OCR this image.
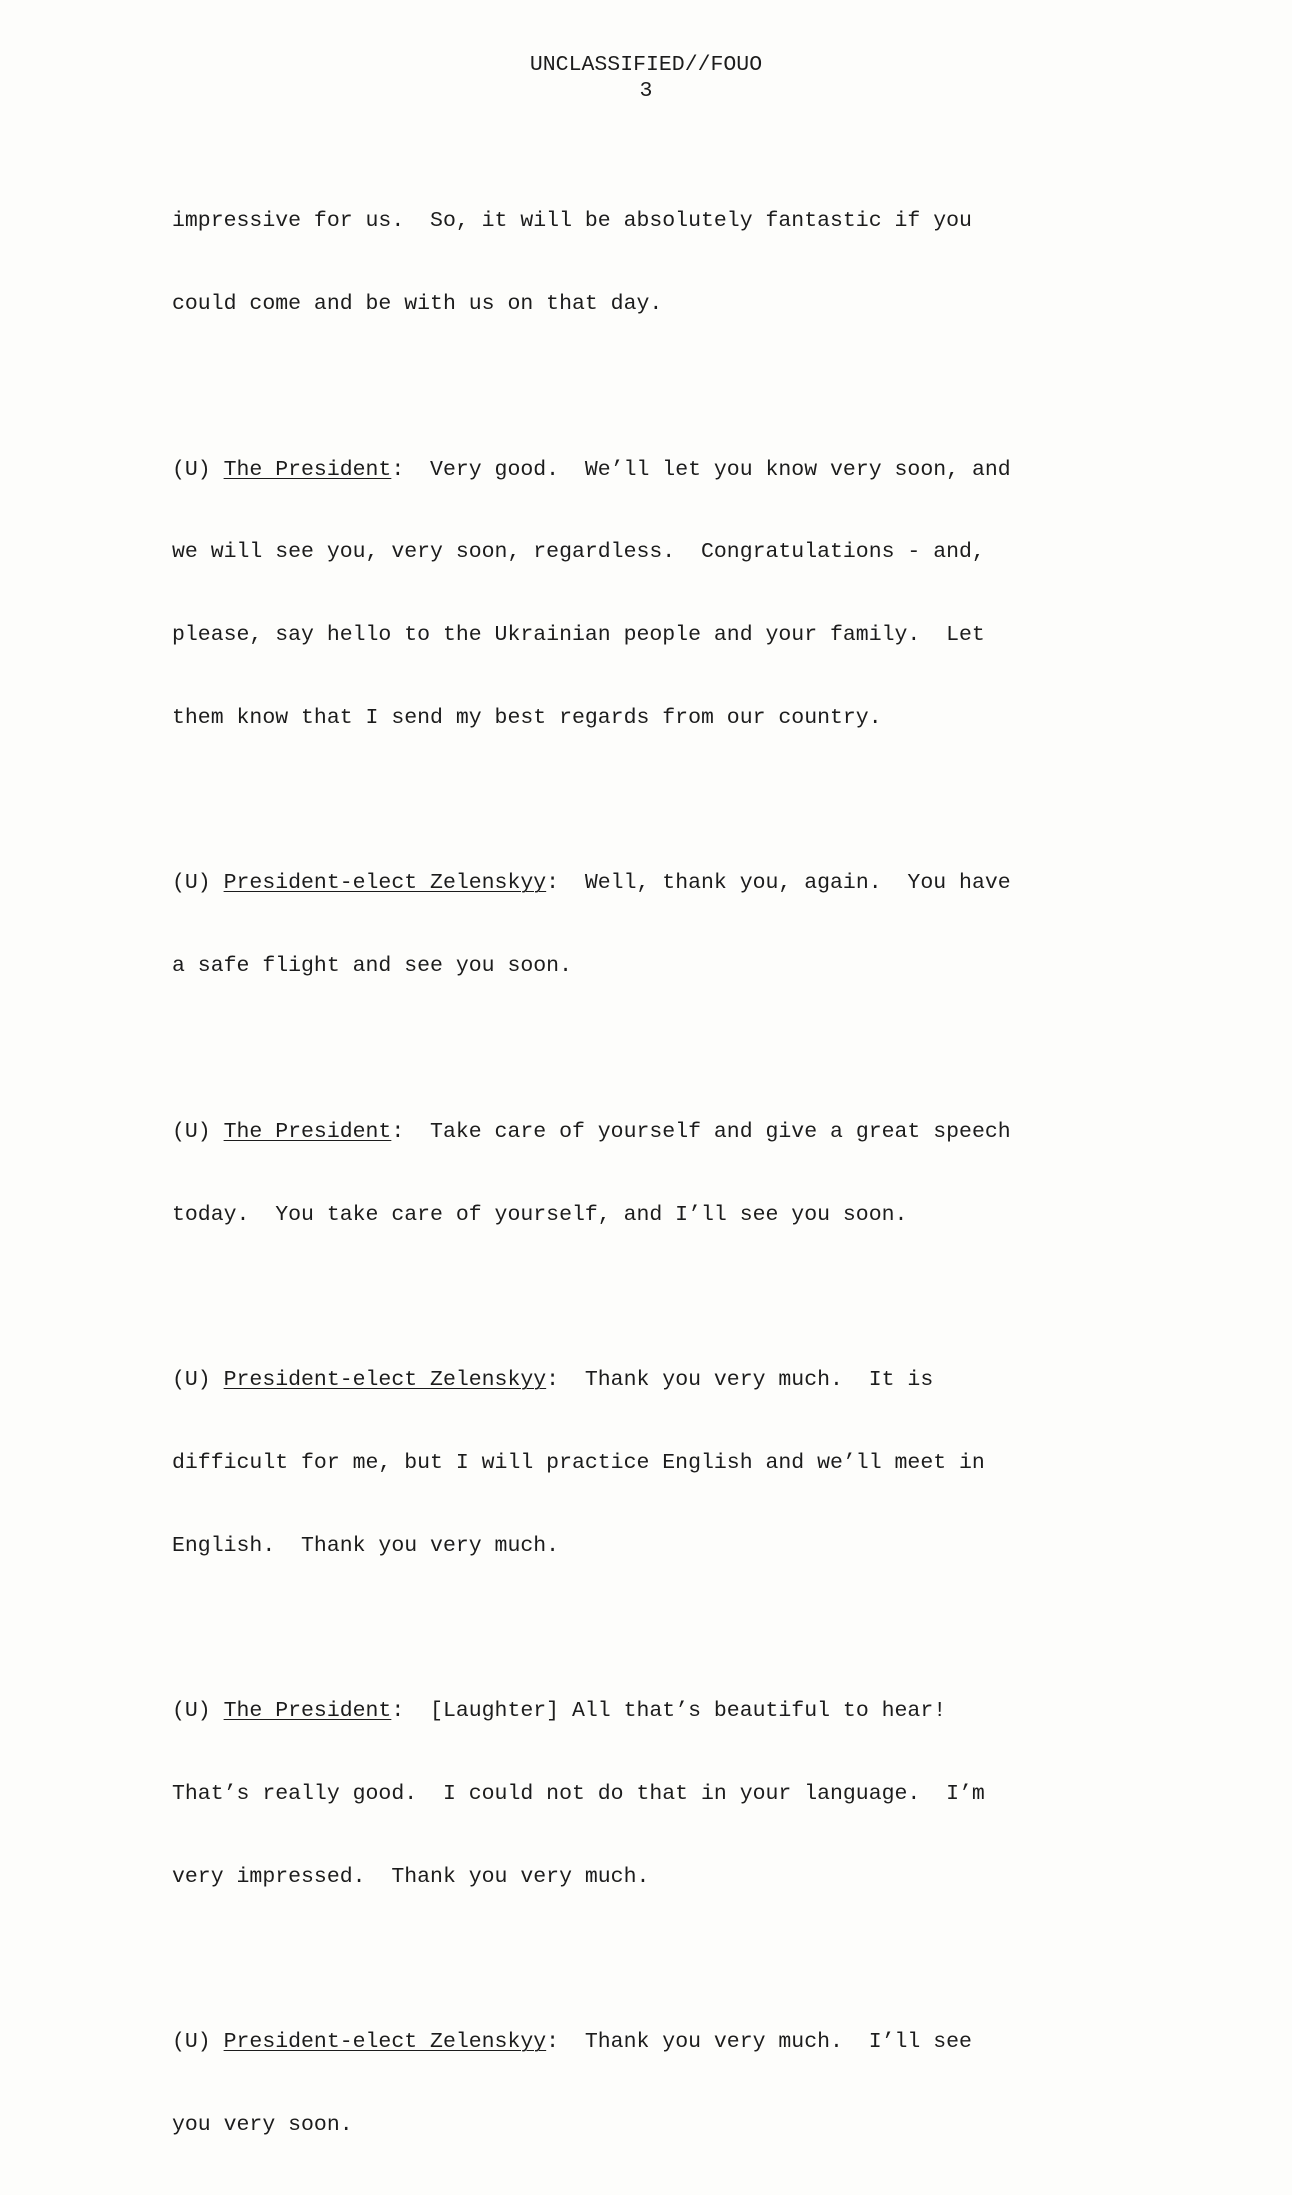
UNCLASSIFIED//FOUO
3

impressive for us.  So, it will be absolutely fantastic if you

could come and be with us on that day.

(U) The President:  Very good.  We’ll let you know very soon, and

we will see you, very soon, regardless.  Congratulations - and,

please, say hello to the Ukrainian people and your family.  Let

them know that I send my best regards from our country.

(U) President-elect Zelenskyy:  Well, thank you, again.  You have

a safe flight and see you soon.

(U) The President:  Take care of yourself and give a great speech

today.  You take care of yourself, and I’ll see you soon.

(U) President-elect Zelenskyy:  Thank you very much.  It is

difficult for me, but I will practice English and we’ll meet in

English.  Thank you very much.

(U) The President:  [Laughter] All that’s beautiful to hear!

That’s really good.  I could not do that in your language.  I’m

very impressed.  Thank you very much.

(U) President-elect Zelenskyy:  Thank you very much.  I’ll see

you very soon.
